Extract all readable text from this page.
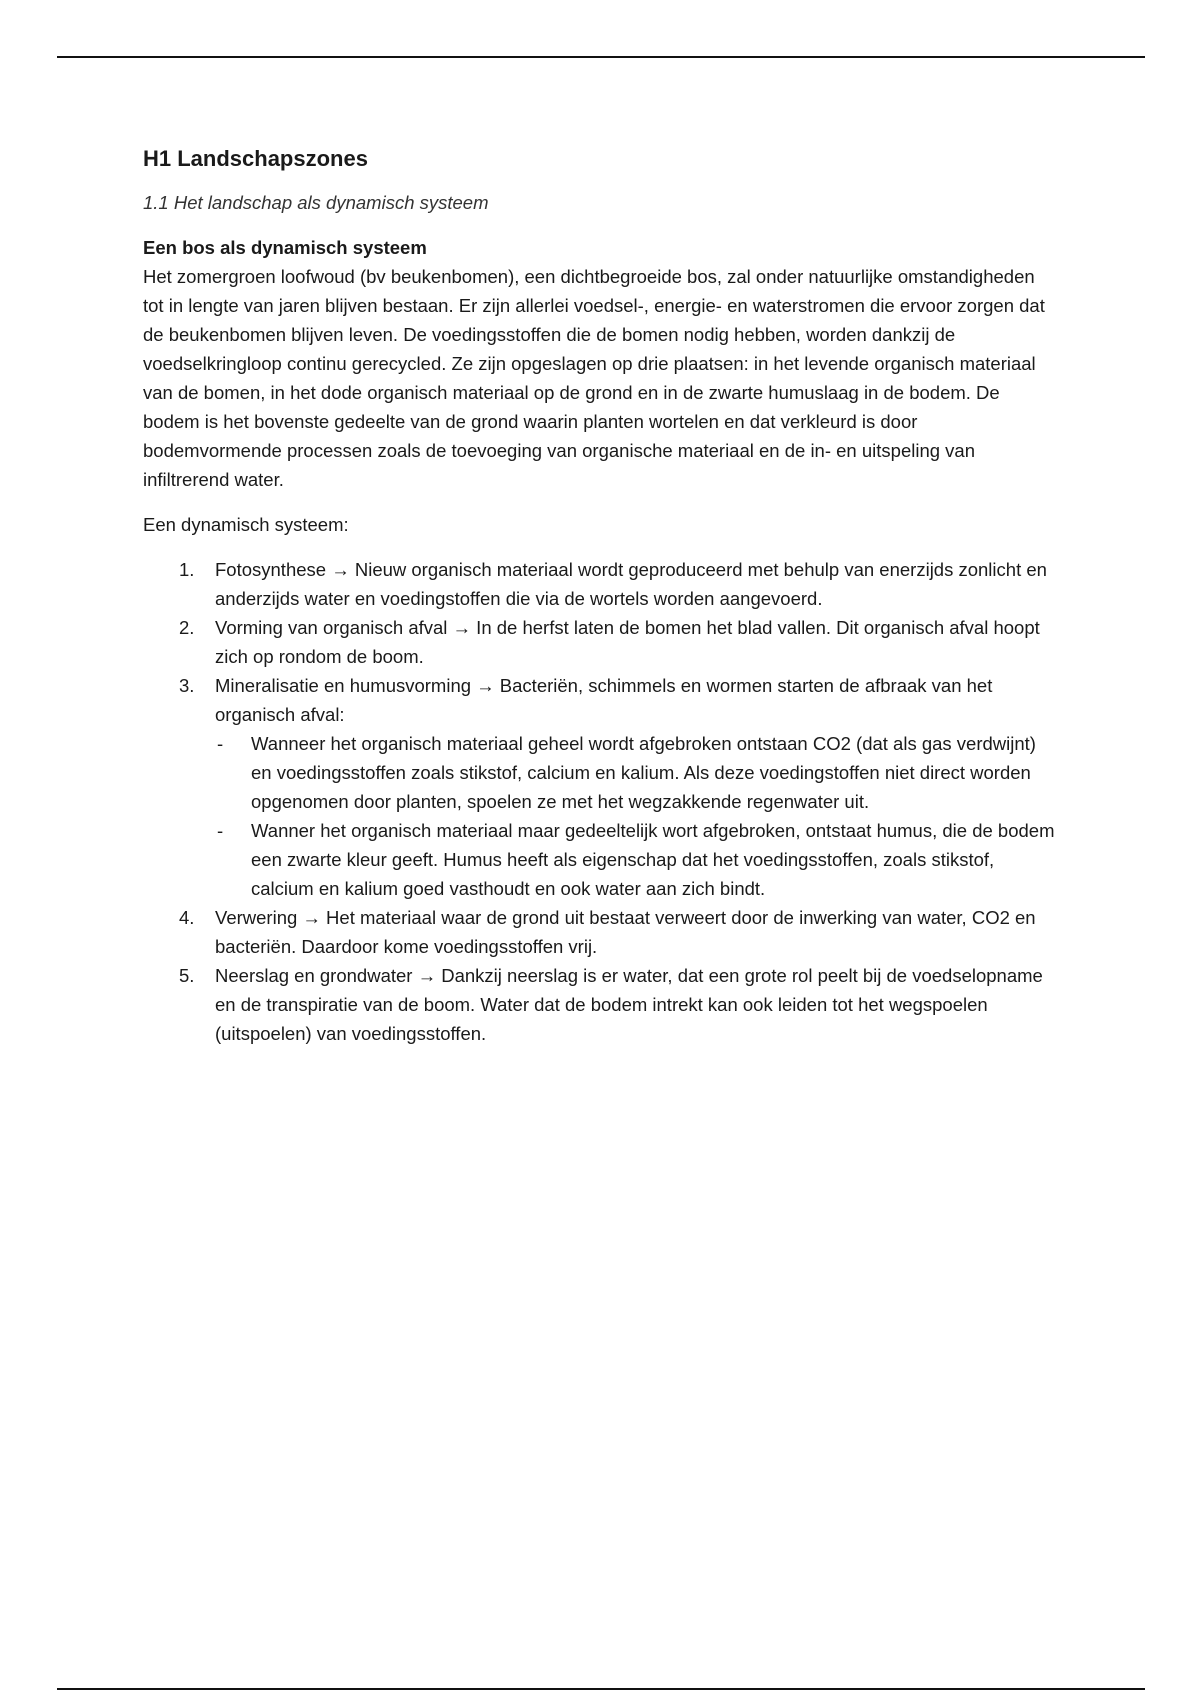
H1 Landschapszones

1.1 Het landschap als dynamisch systeem

Een bos als dynamisch systeem

Het zomergroen loofwoud (bv beukenbomen), een dichtbegroeide bos, zal onder natuurlijke omstandigheden tot in lengte van jaren blijven bestaan. Er zijn allerlei voedsel-, energie- en waterstromen die ervoor zorgen dat de beukenbomen blijven leven. De voedingsstoffen die de bomen nodig hebben, worden dankzij de voedselkringloop continu gerecycled. Ze zijn opgeslagen op drie plaatsen: in het levende organisch materiaal van de bomen, in het dode organisch materiaal op de grond en in de zwarte humuslaag in de bodem. De bodem is het bovenste gedeelte van de grond waarin planten wortelen en dat verkleurd is door bodemvormende processen zoals de toevoeging van organische materiaal en de in- en uitspeling van infiltrerend water.

Een dynamisch systeem:

1. Fotosynthese → Nieuw organisch materiaal wordt geproduceerd met behulp van enerzijds zonlicht en anderzijds water en voedingstoffen die via de wortels worden aangevoerd.
2. Vorming van organisch afval → In de herfst laten de bomen het blad vallen. Dit organisch afval hoopt zich op rondom de boom.
3. Mineralisatie en humusvorming → Bacteriën, schimmels en wormen starten de afbraak van het organisch afval:
- Wanneer het organisch materiaal geheel wordt afgebroken ontstaan CO2 (dat als gas verdwijnt) en voedingsstoffen zoals stikstof, calcium en kalium. Als deze voedingstoffen niet direct worden opgenomen door planten, spoelen ze met het wegzakkende regenwater uit.
- Wanner het organisch materiaal maar gedeeltelijk wort afgebroken, ontstaat humus, die de bodem een zwarte kleur geeft. Humus heeft als eigenschap dat het voedingsstoffen, zoals stikstof, calcium en kalium goed vasthoudt en ook water aan zich bindt.
4. Verwering → Het materiaal waar de grond uit bestaat verweert door de inwerking van water, CO2 en bacteriën. Daardoor kome voedingsstoffen vrij.
5. Neerslag en grondwater → Dankzij neerslag is er water, dat een grote rol peelt bij de voedselopname en de transpiratie van de boom. Water dat de bodem intrekt kan ook leiden tot het wegspoelen (uitspoelen) van voedingsstoffen.
